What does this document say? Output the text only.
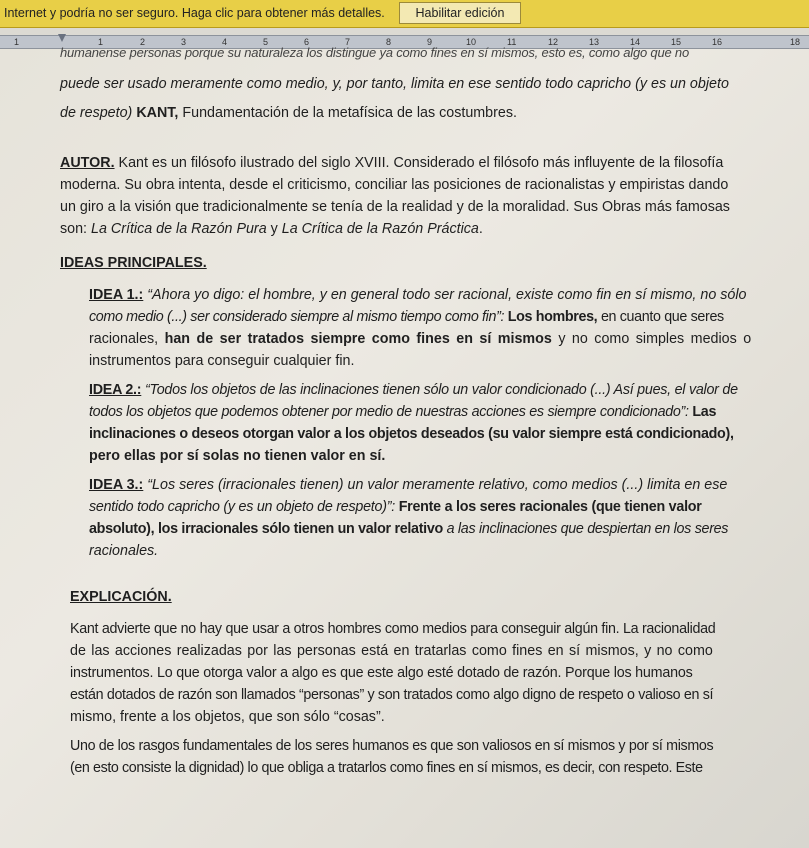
Internet y podría no ser seguro. Haga clic para obtener más detalles.	Habilitar edición
1	1	2	3	4	5	6	7	8	9	10	11	12	13	14	15	16	18
humanense personas porque su naturaleza los distingue ya como fines en sí mismos, esto es, como algo que no
puede ser usado meramente como medio, y, por tanto, limita en ese sentido todo capricho (y es un objeto
de respeto) KANT, Fundamentación de la metafísica de las costumbres.
AUTOR. Kant es un filósofo ilustrado del siglo XVIII. Considerado el filósofo más influyente de la filosofía
moderna. Su obra intenta, desde el criticismo, conciliar las posiciones de racionalistas y empiristas dando
un giro a la visión que tradicionalmente se tenía de la realidad y de la moralidad. Sus Obras más famosas
son: La Crítica de la Razón Pura y La Crítica de la Razón Práctica.
IDEAS PRINCIPALES.
IDEA 1.: “Ahora yo digo: el hombre, y en general todo ser racional, existe como fin en sí mismo, no sólo
como medio (...) ser considerado siempre al mismo tiempo como fin”: Los hombres, en cuanto que seres
racionales, han de ser tratados siempre como fines en sí mismos y no como simples medios o
instrumentos para conseguir cualquier fin.
IDEA 2.: “Todos los objetos de las inclinaciones tienen sólo un valor condicionado (...) Así pues, el valor de
todos los objetos que podemos obtener por medio de nuestras acciones es siempre condicionado”: Las
inclinaciones o deseos otorgan valor a los objetos deseados (su valor siempre está condicionado),
pero ellas por sí solas no tienen valor en sí.
IDEA 3.: “Los seres (irracionales tienen) un valor meramente relativo, como medios (...) limita en ese
sentido todo capricho (y es un objeto de respeto)”: Frente a los seres racionales (que tienen valor
absoluto), los irracionales sólo tienen un valor relativo a las inclinaciones que despiertan en los seres
racionales.
EXPLICACIÓN.
Kant advierte que no hay que usar a otros hombres como medios para conseguir algún fin. La racionalidad
de las acciones realizadas por las personas está en tratarlas como fines en sí mismos, y no como
instrumentos. Lo que otorga valor a algo es que este algo esté dotado de razón. Porque los humanos
están dotados de razón son llamados “personas” y son tratados como algo digno de respeto o valioso en sí
mismo, frente a los objetos, que son sólo “cosas”.
Uno de los rasgos fundamentales de los seres humanos es que son valiosos en sí mismos y por sí mismos
(en esto consiste la dignidad) lo que obliga a tratarlos como fines en sí mismos, es decir, con respeto. Este
